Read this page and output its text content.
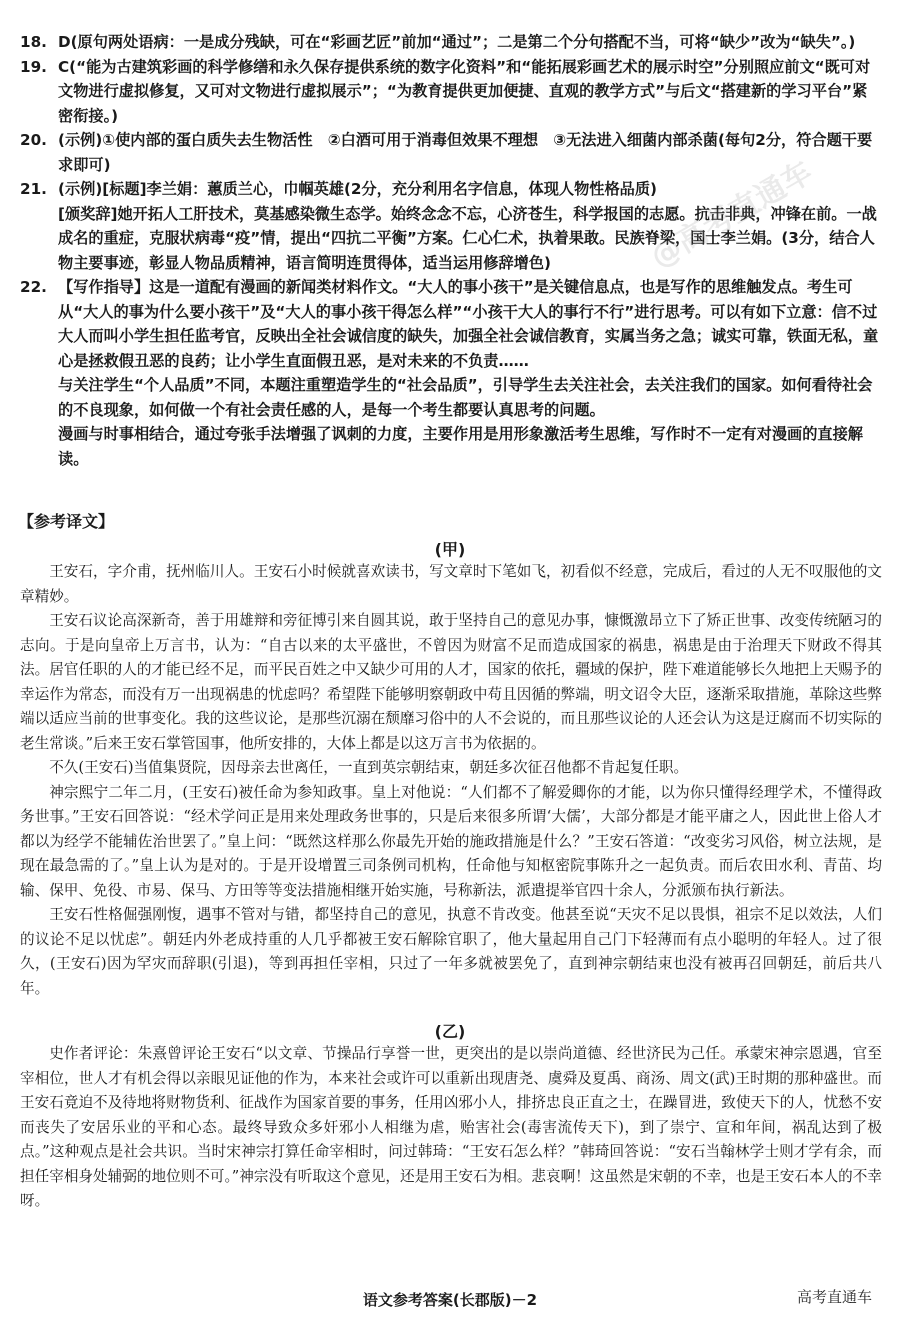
18. D(原句两处语病：一是成分残缺，可在“彩画艺匠”前加“通过”；二是第二个分句搭配不当，可将“缺少”改为“缺失”。)

19. C(“能为古建筑彩画的科学修缮和永久保存提供系统的数字化资料”和“能拓展彩画艺术的展示时空”分别照应前文“既可对文物进行虚拟修复，又可对文物进行虚拟展示”；“为教育提供更加便捷、直观的教学方式”与后文“搭建新的学习平台”紧密衔接。)

20. (示例)①使内部的蛋白质失去生物活性　②白酒可用于消毒但效果不理想　③无法进入细菌内部杀菌(每句2分，符合题干要求即可)

21. (示例)[标题]李兰娟：蕙质兰心，巾帼英雄(2分，充分利用名字信息，体现人物性格品质)

[颁奖辞]她开拓人工肝技术，莫基感染微生态学。始终念念不忘，心济苍生，科学报国的志愿。抗击非典，冲锋在前。一战成名的重症，克服状病毒“疫”情，提出“四抗二平衡”方案。仁心仁术，执着果敢。民族脊梁，国士李兰娟。(3分，结合人物主要事迹，彰显人物品质精神，语言简明连贯得体，适当运用修辞增色)

22. 【写作指导】这是一道配有漫画的新闻类材料作文。“大人的事小孩干”是关键信息点，也是写作的思维触发点。考生可从“大人的事为什么要小孩干”及“大人的事小孩干得怎么样”“小孩干大人的事行不行”进行思考。可以有如下立意：信不过大人而叫小学生担任监考官，反映出全社会诚信度的缺失，加强全社会诚信教育，实属当务之急；诚实可靠，铁面无私，童心是拯救假丑恶的良药；让小学生直面假丑恶，是对未来的不负责……

与关注学生“个人品质”不同，本题注重塑造学生的“社会品质”，引导学生去关注社会，去关注我们的国家。如何看待社会的不良现象，如何做一个有社会责任感的人，是每一个考生都要认真思考的问题。

漫画与时事相结合，通过夸张手法增强了讽刺的力度，主要作用是用形象激活考生思维，写作时不一定有对漫画的直接解读。

【参考译文】
(甲)

王安石，字介甫，抚州临川人。王安石小时候就喜欢读书，写文章时下笔如飞，初看似不经意，完成后，看过的人无不叹服他的文章精妙。

王安石议论高深新奇，善于用雄辩和旁征博引来自圆其说，敢于坚持自己的意见办事，慷慨激昂立下了矫正世事、改变传统陋习的志向。于是向皇帝上万言书，认为：“自古以来的太平盛世，不曾因为财富不足而造成国家的祸患，祸患是由于治理天下财政不得其法。居官任职的人的才能已经不足，而平民百姓之中又缺少可用的人才，国家的依托，疆域的保护，陛下难道能够长久地把上天赐予的幸运作为常态，而没有万一出现祸患的忧虑吗？希望陛下能够明察朝政中苟且因循的弊端，明文诏令大臣，逐渐采取措施，革除这些弊端以适应当前的世事变化。我的这些议论，是那些沉溺在颓靡习俗中的人不会说的，而且那些议论的人还会认为这是迂腐而不切实际的老生常谈。”后来王安石掌管国事，他所安排的，大体上都是以这万言书为依据的。

不久(王安石)当值集贤院，因母亲去世离任，一直到英宗朝结束，朝廷多次征召他都不肯起复任职。

神宗熙宁二年二月，(王安石)被任命为参知政事。皇上对他说：“人们都不了解爱卿你的才能，以为你只懂得经理学术，不懂得政务世事。”王安石回答说：“经术学问正是用来处理政务世事的，只是后来很多所谓‘大儒’，大部分都是才能平庸之人，因此世上俗人才都以为经学不能辅佐治世罢了。”皇上问：“既然这样那么你最先开始的施政措施是什么？”王安石答道：“改变劣习风俗，树立法规，是现在最急需的了。”皇上认为是对的。于是开设增置三司条例司机构，任命他与知枢密院事陈升之一起负责。而后农田水利、青苗、均输、保甲、免役、市易、保马、方田等等变法措施相继开始实施，号称新法，派遣提举官四十余人，分派颁布执行新法。

王安石性格倔强刚愎，遇事不管对与错，都坚持自己的意见，执意不肯改变。他甚至说“天灾不足以畏惧，祖宗不足以效法，人们的议论不足以忧虑”。朝廷内外老成持重的人几乎都被王安石解除官职了，他大量起用自己门下轻薄而有点小聪明的年轻人。过了很久，(王安石)因为罕灾而辞职(引退)，等到再担任宰相，只过了一年多就被罢免了，直到神宗朝结束也没有被再召回朝廷，前后共八年。

(乙)

史作者评论：朱熹曾评论王安石“以文章、节操品行享誉一世，更突出的是以崇尚道德、经世济民为己任。承蒙宋神宗恩遇，官至宰相位，世人才有机会得以亲眼见证他的作为，本来社会或许可以重新出现唐尧、虞舜及夏禹、商汤、周文(武)王时期的那种盛世。而王安石竟迫不及待地将财物货利、征战作为国家首要的事务，任用凶邪小人，排挤忠良正直之士，在躁冒进，致使天下的人，忧愁不安而丧失了安居乐业的平和心态。最终导致众多奸邪小人相继为虐，贻害社会(毒害流传天下)，到了崇宁、宣和年间，祸乱达到了极点。”这种观点是社会共识。当时宋神宗打算任命宰相时，问过韩琦：“王安石怎么样？”韩琦回答说：“安石当翰林学士则才学有余，而担任宰相身处辅弼的地位则不可。”神宗没有听取这个意见，还是用王安石为相。悲哀啊！这虽然是宋朝的不幸，也是王安石本人的不幸呀。

语文参考答案(长郡版)－2	高考直通车
@高考直通车
